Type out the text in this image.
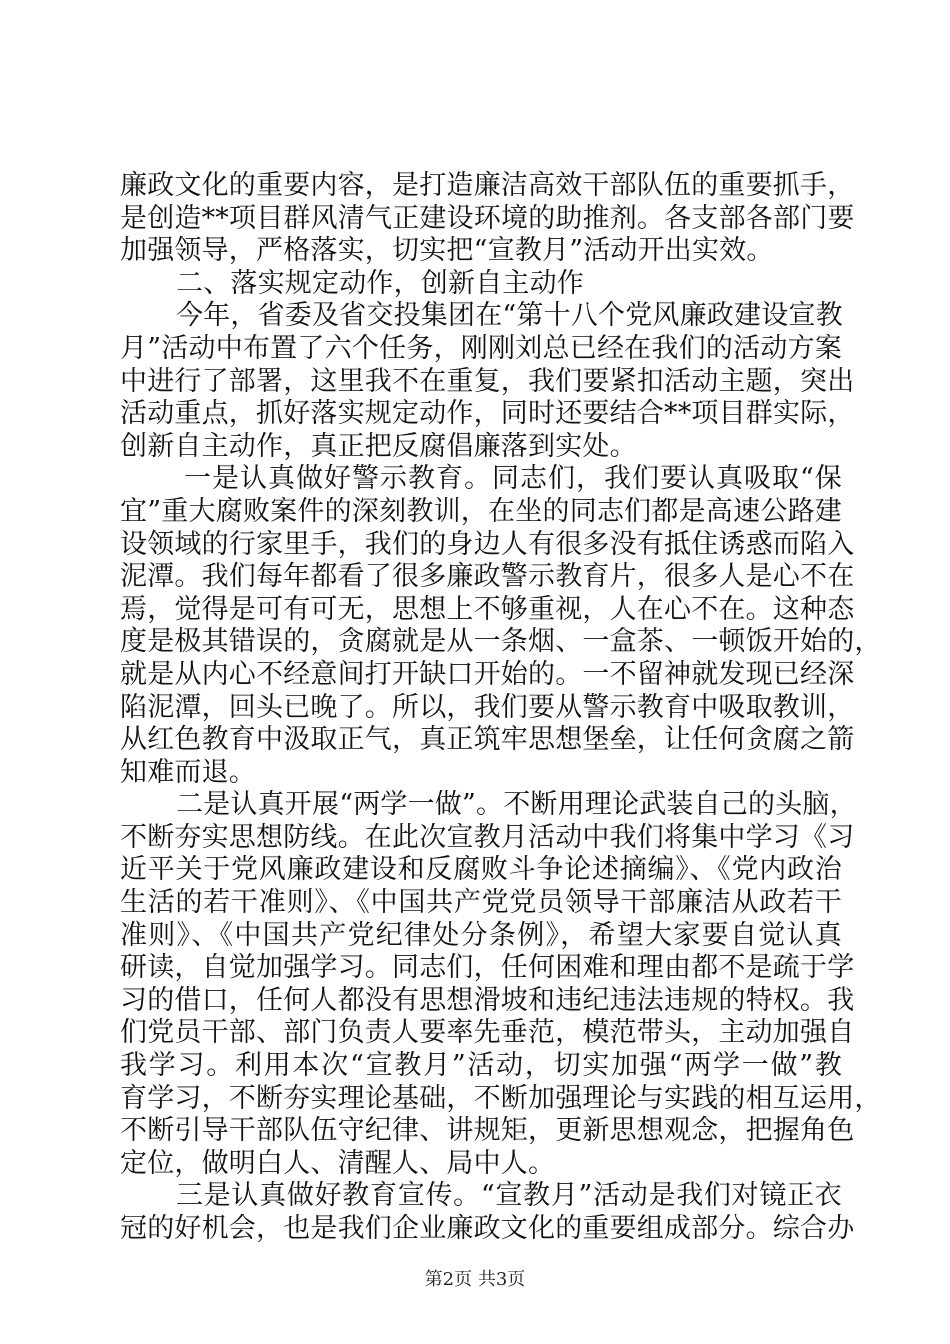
廉政文化的重要内容，是打造廉洁高效干部队伍的重要抓手，
是创造**项目群风清气正建设环境的助推剂。各支部各部门要
加强领导，严格落实，切实把“宣教月”活动开出实效。
二、落实规定动作，创新自主动作
今年，省委及省交投集团在“第十八个党风廉政建设宣教
月”活动中布置了六个任务，刚刚刘总已经在我们的活动方案
中进行了部署，这里我不在重复，我们要紧扣活动主题，突出
活动重点，抓好落实规定动作，同时还要结合**项目群实际，
创新自主动作，真正把反腐倡廉落到实处。
一是认真做好警示教育。同志们，我们要认真吸取“保
宜”重大腐败案件的深刻教训，在坐的同志们都是高速公路建
设领域的行家里手，我们的身边人有很多没有抵住诱惑而陷入
泥潭。我们每年都看了很多廉政警示教育片，很多人是心不在
焉，觉得是可有可无，思想上不够重视，人在心不在。这种态
度是极其错误的，贪腐就是从一条烟、一盒茶、一顿饭开始的，
就是从内心不经意间打开缺口开始的。一不留神就发现已经深
陷泥潭，回头已晚了。所以，我们要从警示教育中吸取教训，
从红色教育中汲取正气，真正筑牢思想堡垒，让任何贪腐之箭
知难而退。
二是认真开展“两学一做”。不断用理论武装自己的头脑，
不断夯实思想防线。在此次宣教月活动中我们将集中学习《习
近平关于党风廉政建设和反腐败斗争论述摘编》、《党内政治
生活的若干准则》、《中国共产党党员领导干部廉洁从政若干
准则》、《中国共产党纪律处分条例》，希望大家要自觉认真
研读，自觉加强学习。同志们，任何困难和理由都不是疏于学
习的借口，任何人都没有思想滑坡和违纪违法违规的特权。我
们党员干部、部门负责人要率先垂范，模范带头，主动加强自
我学习。利用本次“宣教月”活动，切实加强“两学一做”教
育学习，不断夯实理论基础，不断加强理论与实践的相互运用，
不断引导干部队伍守纪律、讲规矩，更新思想观念，把握角色
定位，做明白人、清醒人、局中人。
三是认真做好教育宣传。“宣教月”活动是我们对镜正衣
冠的好机会，也是我们企业廉政文化的重要组成部分。综合办
第2页 共3页
